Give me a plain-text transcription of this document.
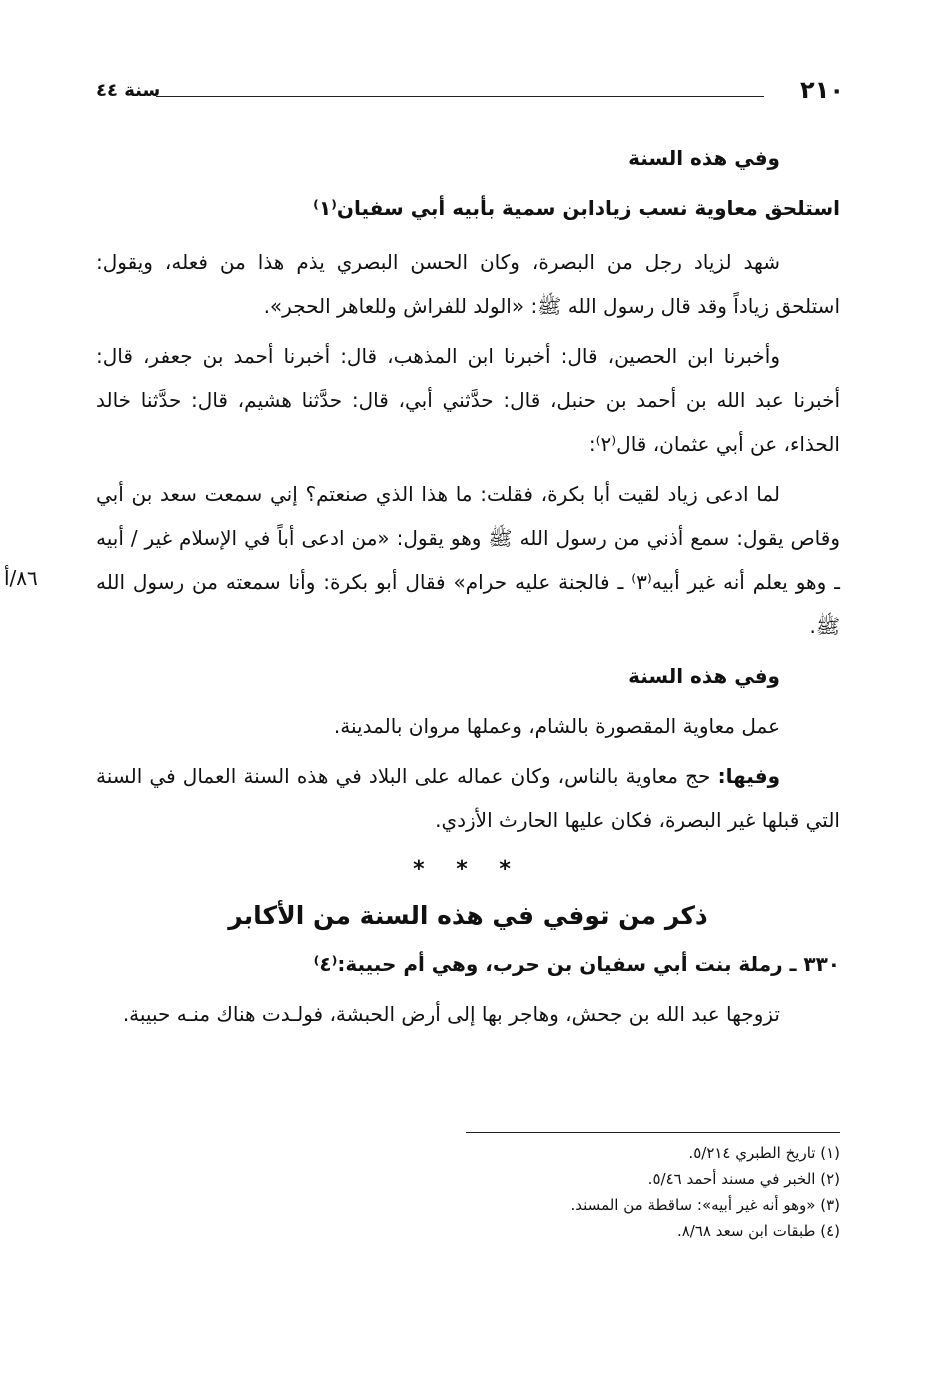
٢١٠
سنة ٤٤

وفي هذه السنة

استلحق معاوية نسب زيادابن سمية بأبيه أبي سفيان⁽١⁾

شهد لزياد رجل من البصرة، وكان الحسن البصري يذم هذا من فعله، ويقول: استلحق زياداً وقد قال رسول الله ﷺ: «الولد للفراش وللعاهر الحجر».

وأخبرنا ابن الحصين، قال: أخبرنا ابن المذهب، قال: أخبرنا أحمد بن جعفر، قال: أخبرنا عبد الله بن أحمد بن حنبل، قال: حدَّثني أبي، قال: حدَّثنا هشيم، قال: حدَّثنا خالد الحذاء، عن أبي عثمان، قال⁽٢⁾:

لما ادعى زياد لقيت أبا بكرة، فقلت: ما هذا الذي صنعتم؟ إني سمعت سعد بن أبي وقاص يقول: سمع أذني من رسول الله ﷺ وهو يقول: «من ادعى أباً في الإسلام غير / أبيه ـ وهو يعلم أنه غير أبيه⁽٣⁾ ـ فالجنة عليه حرام» فقال أبو بكرة: وأنا سمعته من رسول الله ﷺ.

وفي هذه السنة

عمل معاوية المقصورة بالشام، وعملها مروان بالمدينة.

وفيها: حج معاوية بالناس، وكان عماله على البلاد في هذه السنة العمال في السنة التي قبلها غير البصرة، فكان عليها الحارث الأزدي.

* * *

ذكر من توفي في هذه السنة من الأكابر

٣٣٠ ـ رملة بنت أبي سفيان بن حرب، وهي أم حبيبة:⁽٤⁾

تزوجها عبد الله بن جحش، وهاجر بها إلى أرض الحبشة، فولـدت هناك منـه حبيبة.

٨٦/أ
(١) تاريخ الطبري ٥/٢١٤.
(٢) الخبر في مسند أحمد ٥/٤٦.
(٣) «وهو أنه غير أبيه»: ساقطة من المسند.
(٤) طبقات ابن سعد ٨/٦٨.
